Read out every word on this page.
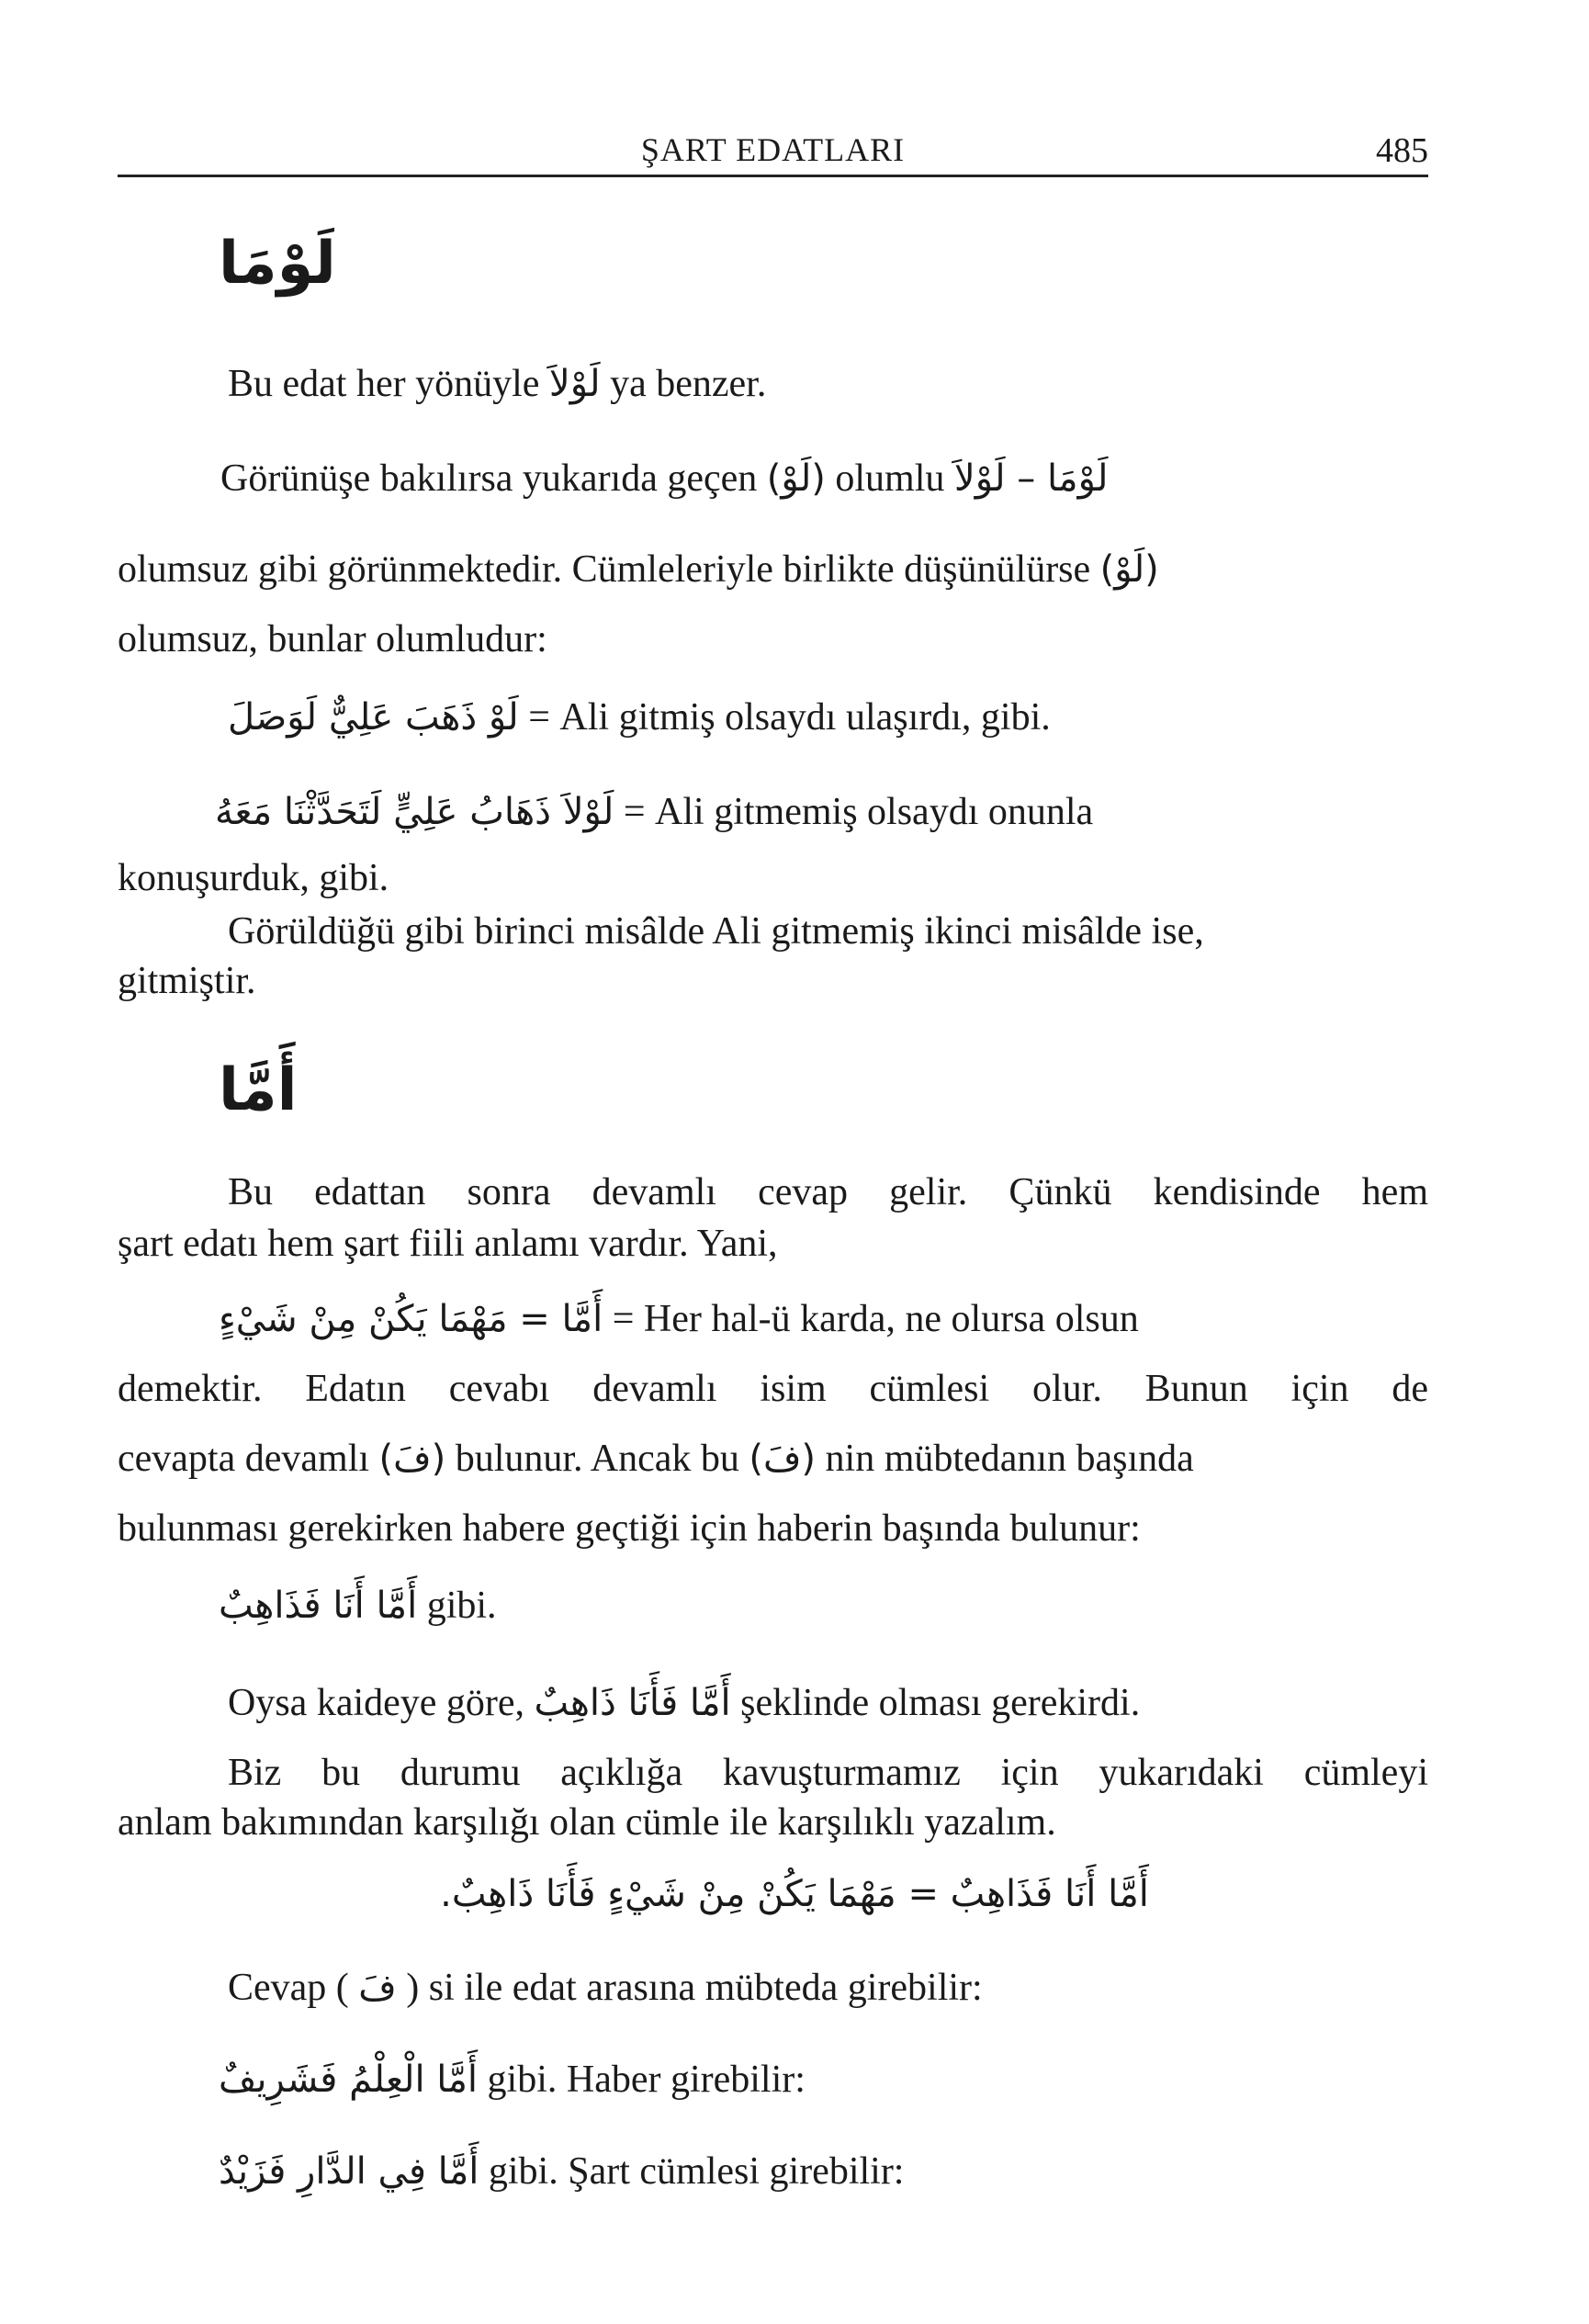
ŞART EDATLARI	485
لَوْمَا
Bu edat her yönüyle لَوْلاَ ya benzer.
Görünüşe bakılırsa yukarıda geçen (لَوْ) olumlu لَوْمَا – لَوْلاَ
olumsuz gibi görünmektedir. Cümleleriyle birlikte düşünülürse (لَوْ)
olumsuz, bunlar olumludur:
لَوْ ذَهَبَ عَلِيٌّ لَوَصَلَ = Ali gitmiş olsaydı ulaşırdı, gibi.
لَوْلاَ ذَهَابُ عَلِيٍّ لَتَحَدَّثْنَا مَعَهُ = Ali gitmemiş olsaydı onunla
konuşurduk, gibi.
Görüldüğü gibi birinci misâlde Ali gitmemiş ikinci misâlde ise,
gitmiştir.
أَمَّا
Bu edattan sonra devamlı cevap gelir. Çünkü kendisinde hem
şart edatı hem şart fiili anlamı vardır. Yani,
أَمَّا = مَهْمَا يَكُنْ مِنْ شَيْءٍ = Her hal-ü karda, ne olursa olsun
demektir. Edatın cevabı devamlı isim cümlesi olur. Bunun için de
cevapta devamlı (فَ) bulunur. Ancak bu (فَ) nin mübtedanın başında
bulunması gerekirken habere geçtiği için haberin başında bulunur:
أَمَّا أَنَا فَذَاهِبٌ gibi.
Oysa kaideye göre, أَمَّا فَأَنَا ذَاهِبٌ şeklinde olması gerekirdi.
Biz bu durumu açıklığa kavuşturmamız için yukarıdaki cümleyi
anlam bakımından karşılığı olan cümle ile karşılıklı yazalım.
أَمَّا أَنَا فَذَاهِبٌ = مَهْمَا يَكُنْ مِنْ شَيْءٍ فَأَنَا ذَاهِبٌ.
Cevap ( فَ ) si ile edat arasına mübteda girebilir:
أَمَّا الْعِلْمُ فَشَرِيفٌ gibi. Haber girebilir:
أَمَّا فِي الدَّارِ فَزَيْدٌ gibi. Şart cümlesi girebilir:
